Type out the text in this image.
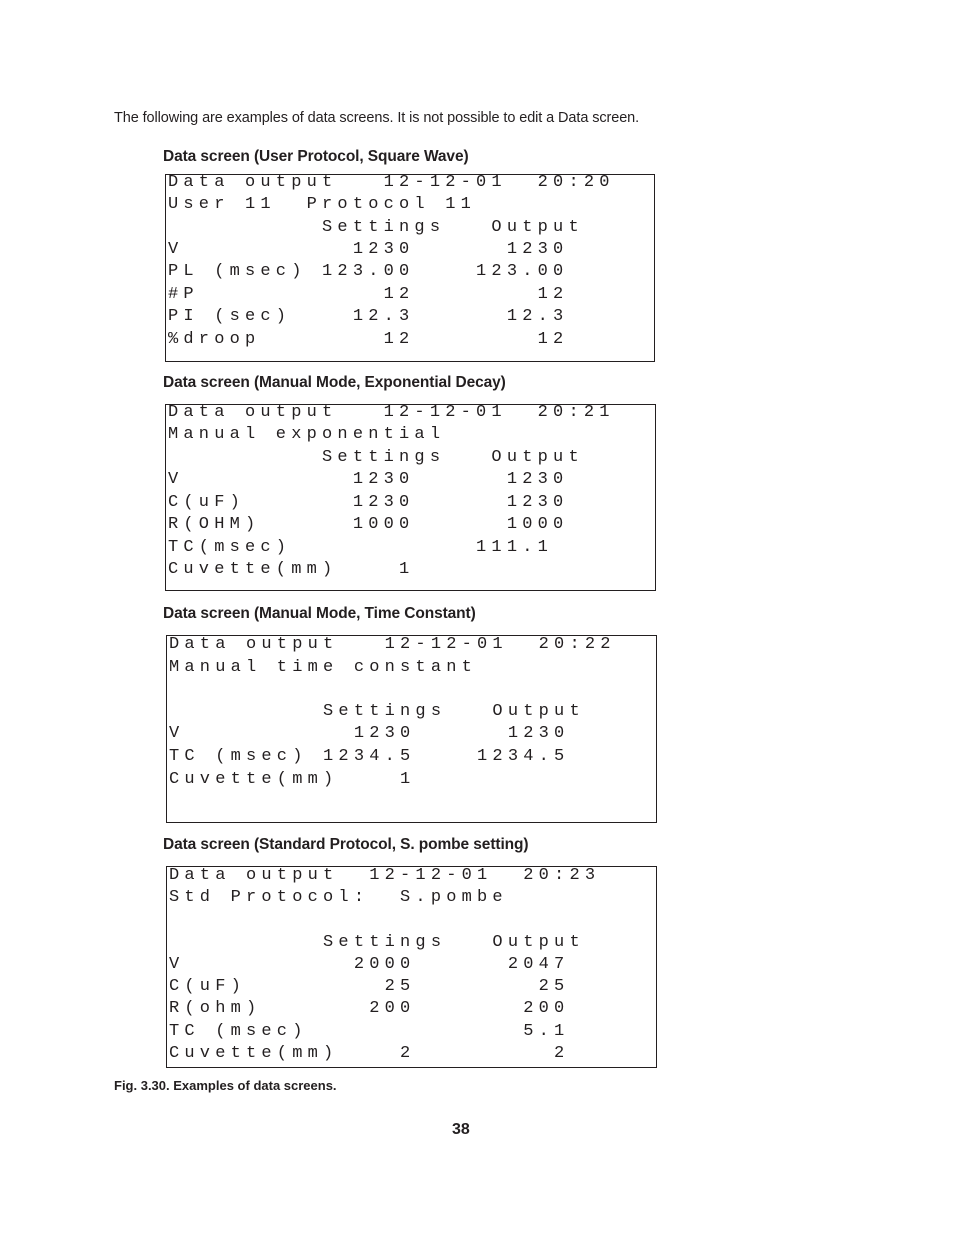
The following are examples of data screens. It is not possible to edit a Data screen.
Data screen (User Protocol, Square Wave)
Data output   12-12-01  20:20
User 11  Protocol 11
Settings   Output
V           1230      1230
PL (msec) 123.00    123.00
#P            12        12
PI (sec)    12.3      12.3
%droop        12        12
Data screen (Manual Mode, Exponential Decay)
Data output   12-12-01  20:21
Manual exponential
Settings   Output
V           1230      1230
C(uF)       1230      1230
R(OHM)      1000      1000
TC(msec)            111.1
Cuvette(mm)    1
Data screen (Manual Mode, Time Constant)
Data output   12-12-01  20:22
Manual time constant
Settings   Output
V           1230      1230
TC (msec) 1234.5    1234.5
Cuvette(mm)    1
Data screen (Standard Protocol, S. pombe setting)
Data output  12-12-01  20:23
Std Protocol:  S.pombe
Settings   Output
V           2000      2047
C(uF)         25        25
R(ohm)       200       200
TC (msec)              5.1
Cuvette(mm)    2         2
Fig. 3.30. Examples of data screens.
38
